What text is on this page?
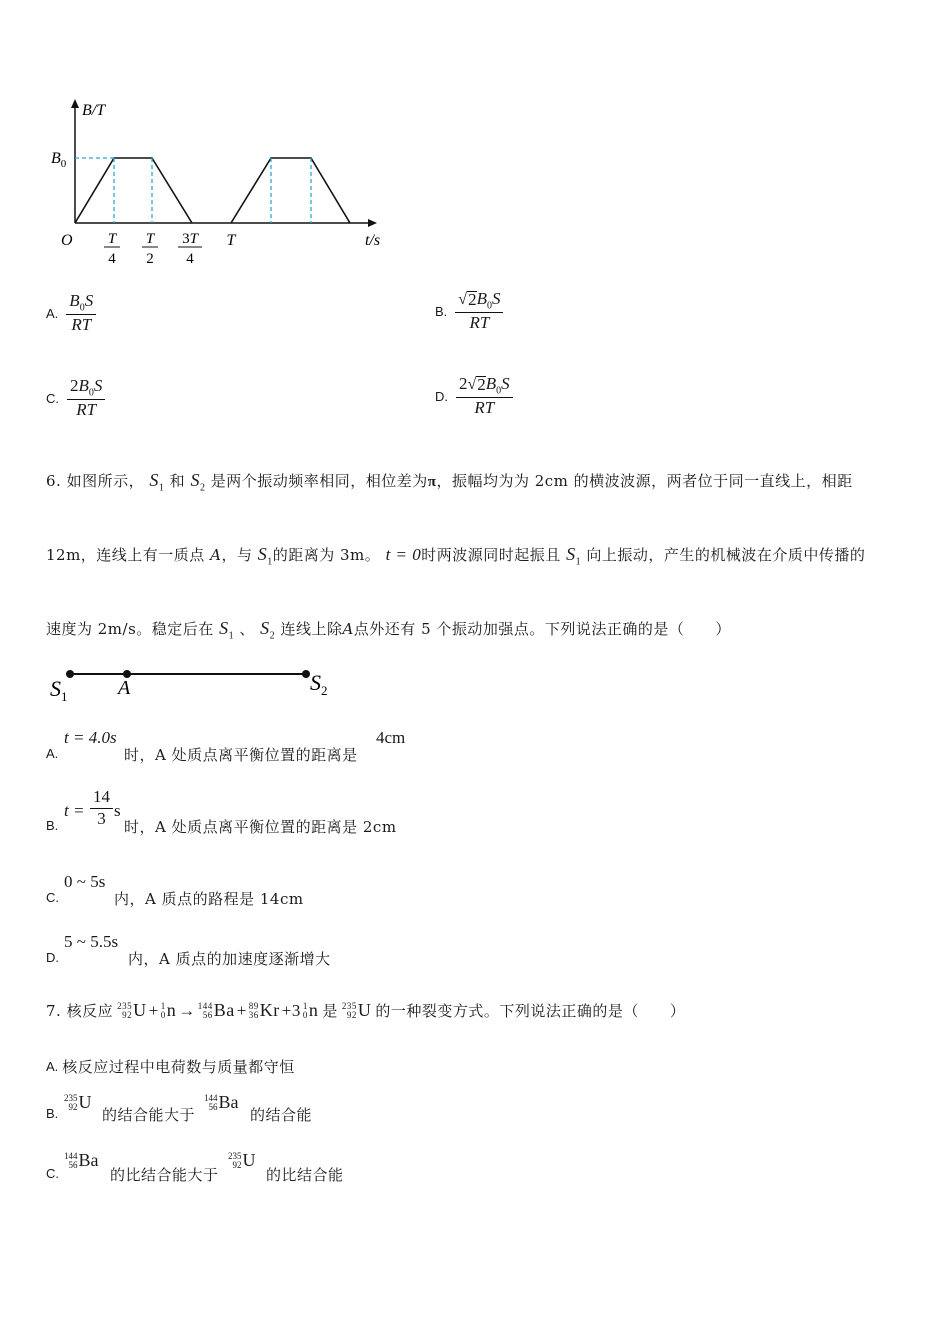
B/T
$B_0$
O	t/s
T
4
T
2
3T
4
T
A. $\frac{B_0S}{RT}$	B. $\frac{√ 2 B_0S}{RT}$
C. $\frac{2B_0S}{RT}$	D. $\frac{2 √ 2 B_0S}{RT}$
6. 如图所示， $S_1$ 和 $S_2$ 是两个振动频率相同，相位差为π，振幅均为为 2cm 的横波波源，两者位于同一直线上，相距
12m，连线上有一质点 A，与 $S_1$的距离为 3m。 t = 0时两波源同时起振且 $S_1$ 向上振动，产生的机械波在介质中传播的
速度为 2m/s。稳定后在 $S_1$ 、 $S_2$ 连线上除A点外还有 5 个振动加强点。下列说法正确的是（　　）
$S_1$	A	$S_2$
A.
t = 4.0s
时，A 处质点离平衡位置的距离是
4cm
B.
$t = \frac{14}{3}$ s
时，A 处质点离平衡位置的距离是 2cm
C.
0 ~ 5s
内，A 质点的路程是 14cm
D.
5 ~ 5.5s
内，A 质点的加速度逐渐增大
7. 核反应 235
92 U + 1
0 n → 144
56 Ba + 89
36 Kr +3 1
0 n 是 235
92 U 的一种裂变方式。下列说法正确的是（　　）
A. 核反应过程中电荷数与质量都守恒
B.
235
92 U
的结合能大于
144
56 Ba
的结合能
C.
144
56 Ba
的比结合能大于
235
92 U
的比结合能
